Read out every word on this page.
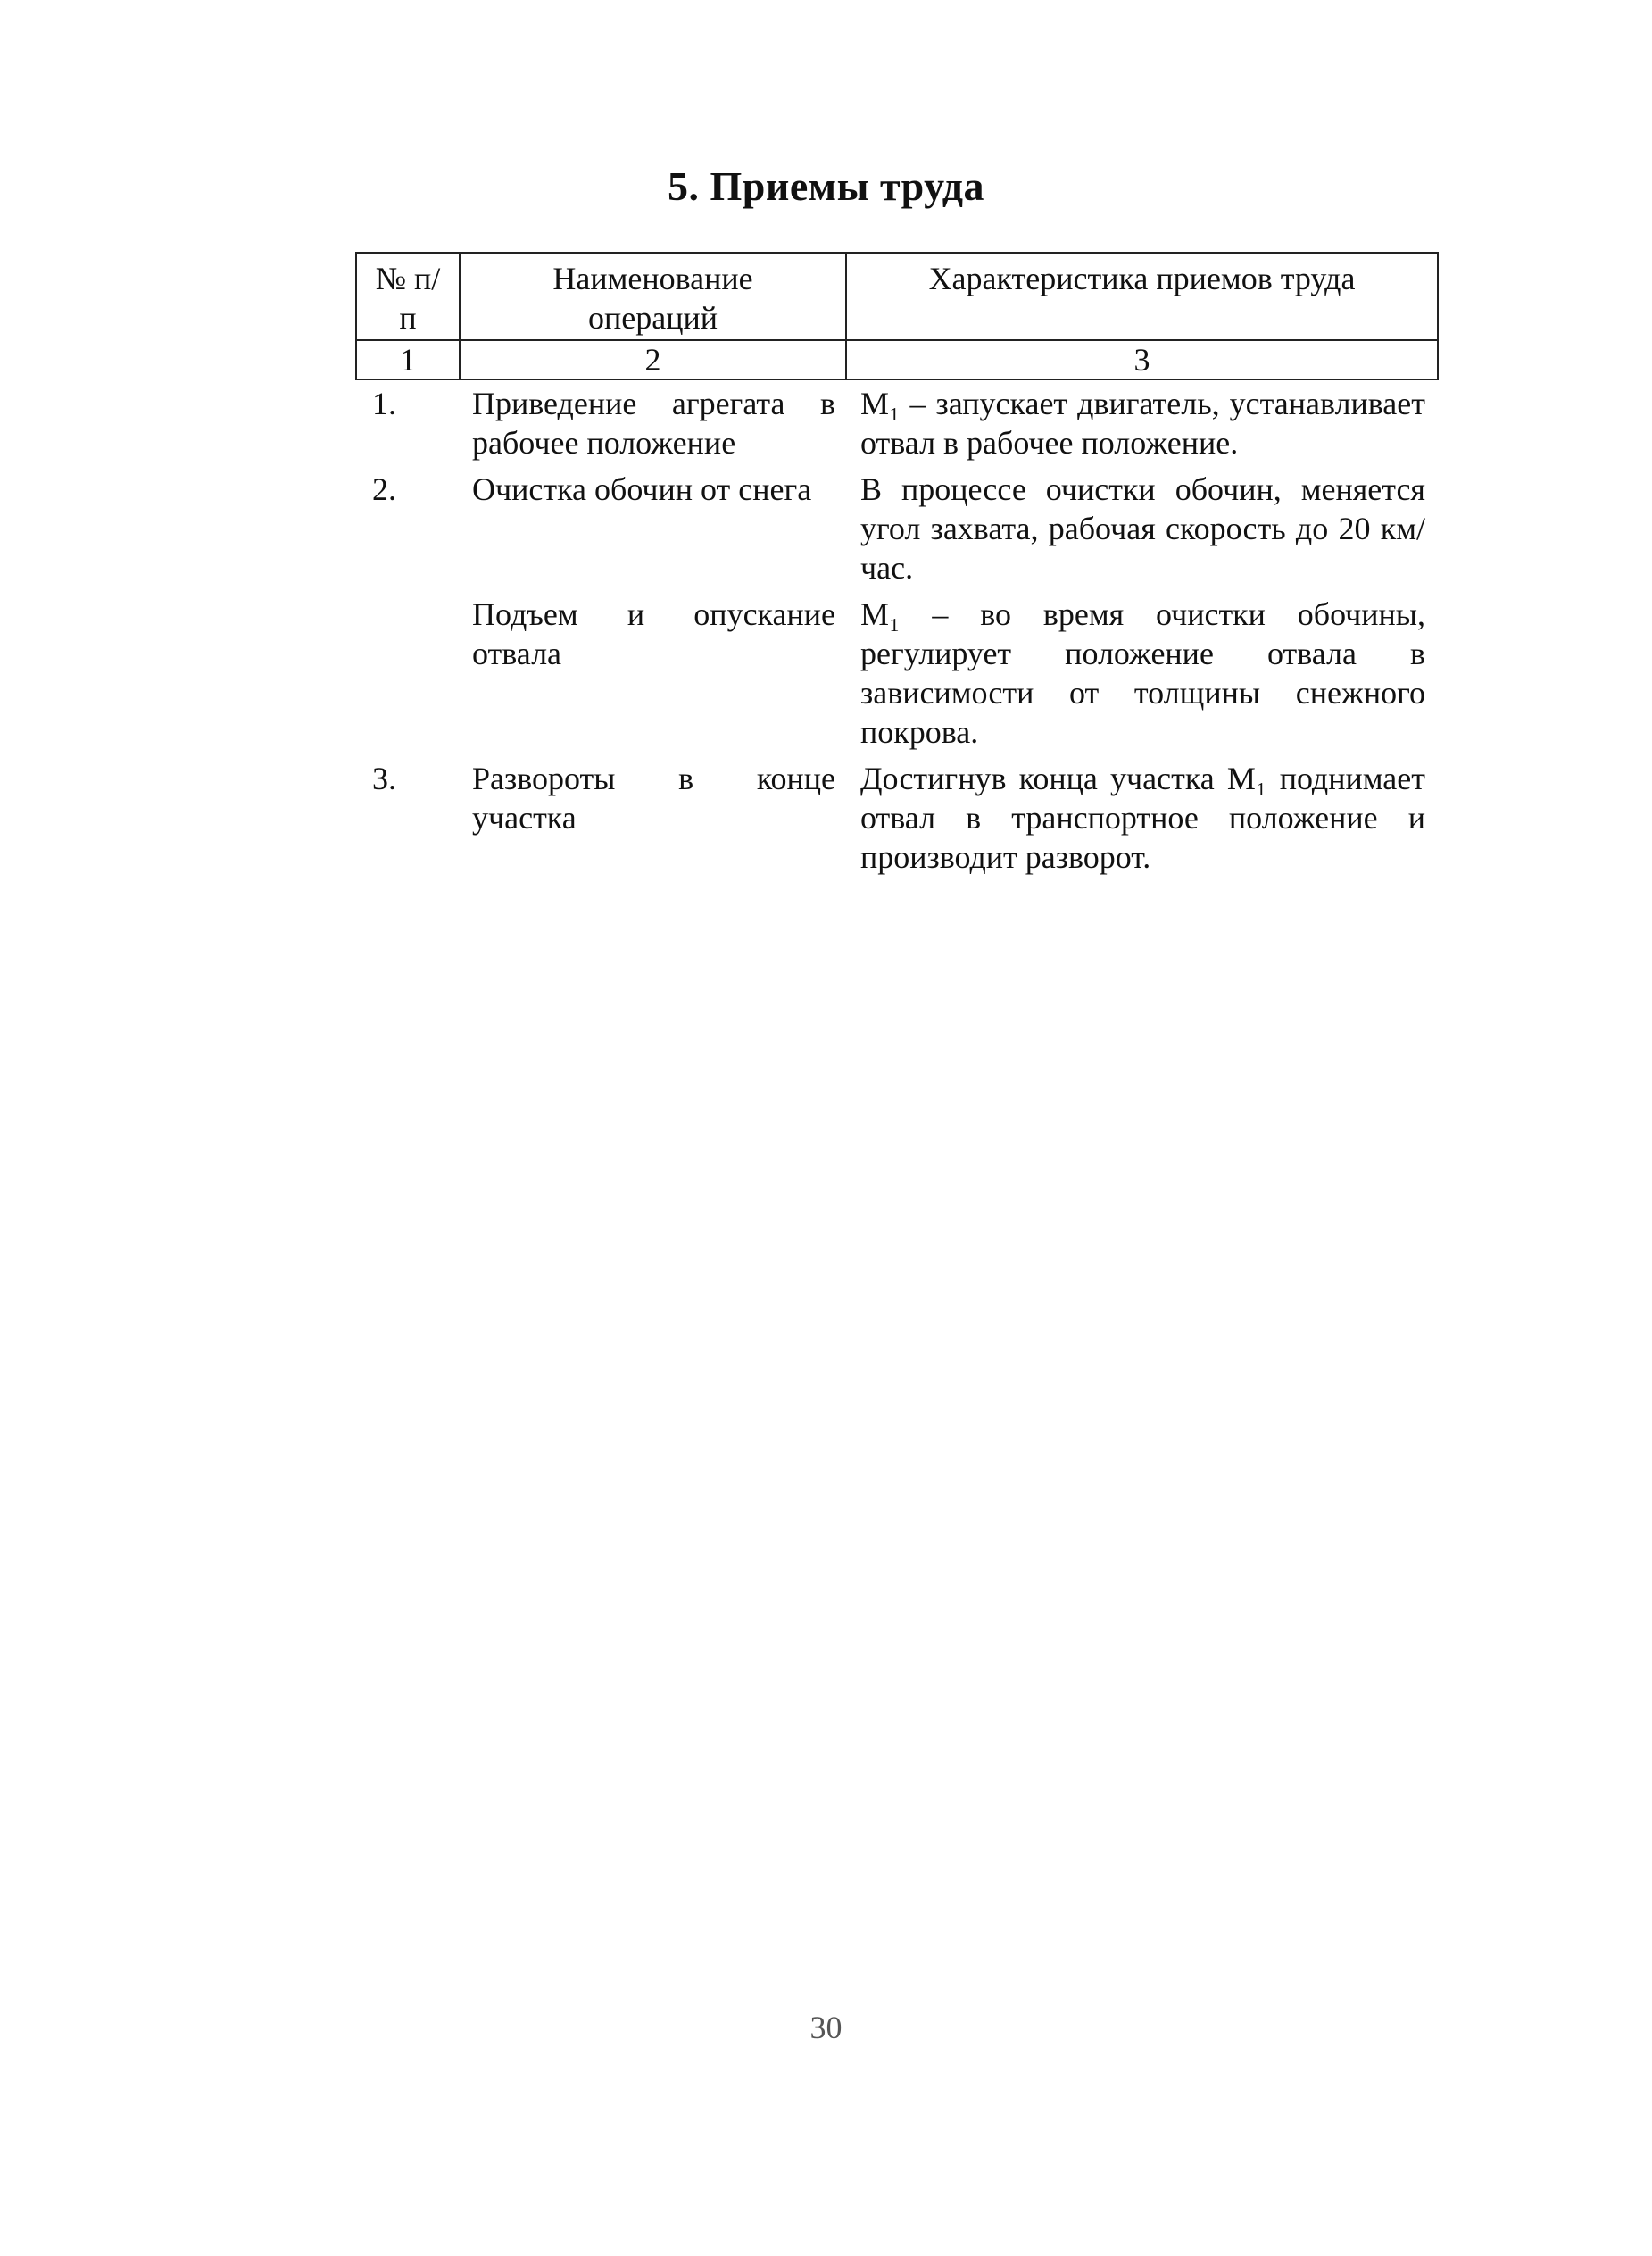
5. Приемы труда
№ п/п	Наименование операций	Характеристика приемов труда
1	2	3
1.	Приведение агрегата в рабочее положение	М₁ – запускает двигатель, устанавливает отвал в рабочее положение.
2.	Очистка обочин от снега	В процессе очистки обочин, меняется угол захвата, рабочая скорость до 20 км/час.
	Подъем и опускание отвала	М₁ – во время очистки обочины, регулирует положение отвала в зависимости от толщины снежного покрова.
3.	Развороты в конце участка	Достигнув конца участка М₁ поднимает отвал в транспортное положение и производит разворот.
30
